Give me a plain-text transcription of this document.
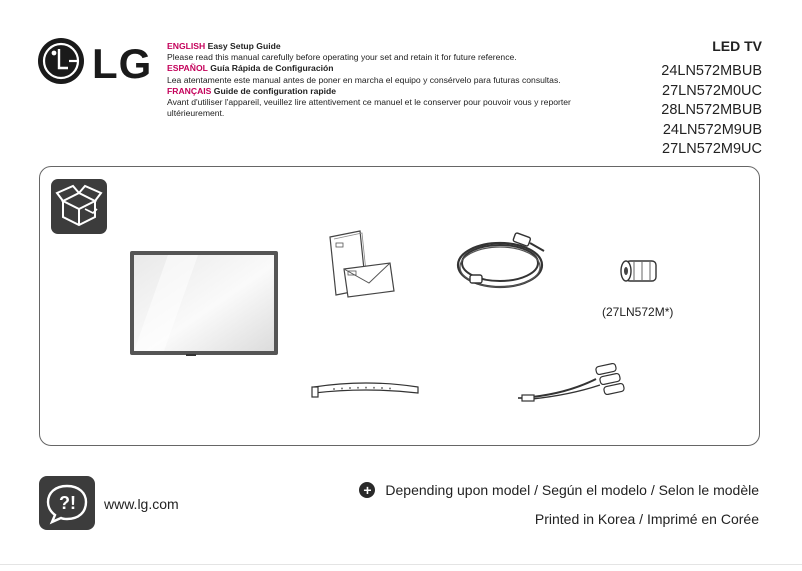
LG ENGLISH Easy Setup Guide

Please read this manual carefully before operating your set and retain it for future reference.

ESPAÑOL Guía Rápida de Configuración

Lea atentamente este manual antes de poner en marcha el equipo y consérvelo para futuras consultas.

FRANÇAIS Guide de configuration rapide

Avant d'utiliser l'appareil, veuillez lire attentivement ce manuel et le conserver pour pouvoir vous y reporter ultérieurement.

LED TV
24LN572MBUB
27LN572M0UC
28LN572MBUB
24LN572M9UB
27LN572M9UC
(27LN572M*)
? ! www.lg.com
+ Depending upon model / Según el modelo / Selon le modèle
Printed in Korea / Imprimé en Corée
